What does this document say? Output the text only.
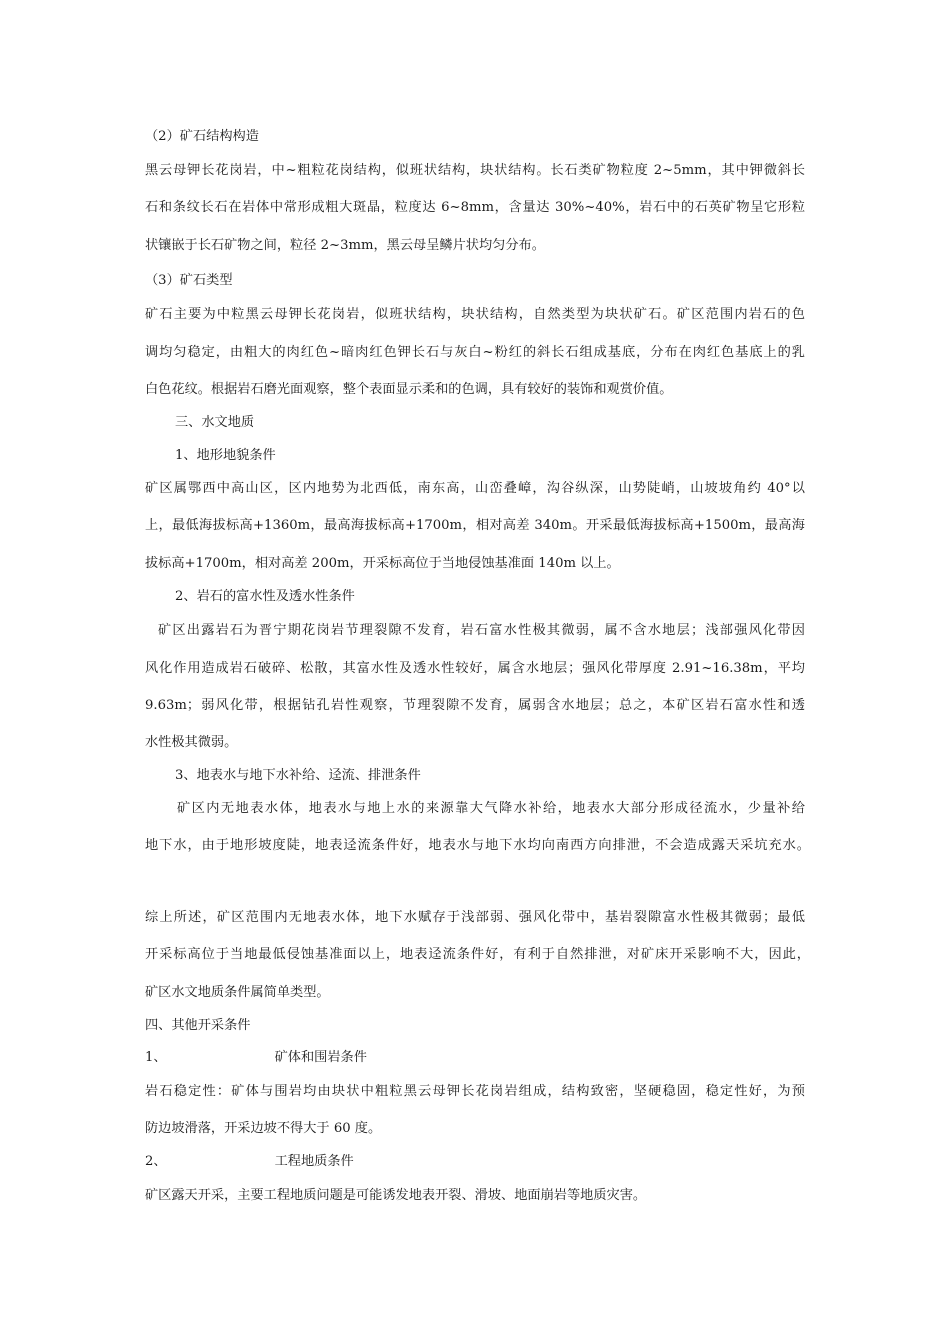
（2）矿石结构构造
黑云母钾长花岗岩，中~粗粒花岗结构，似班状结构，块状结构。长石类矿物粒度 2~5mm，其中钾微斜长
石和条纹长石在岩体中常形成粗大斑晶，粒度达 6~8mm，含量达 30%~40%，岩石中的石英矿物呈它形粒
状镶嵌于长石矿物之间，粒径 2~3mm，黑云母呈鳞片状均匀分布。
（3）矿石类型
矿石主要为中粒黑云母钾长花岗岩，似班状结构，块状结构，自然类型为块状矿石。矿区范围内岩石的色
调均匀稳定，由粗大的肉红色~暗肉红色钾长石与灰白~粉红的斜长石组成基底，分布在肉红色基底上的乳
白色花纹。根据岩石磨光面观察，整个表面显示柔和的色调，具有较好的装饰和观赏价值。
三、水文地质
1、地形地貌条件
矿区属鄂西中高山区，区内地势为北西低，南东高，山峦叠嶂，沟谷纵深，山势陡峭，山坡坡角约 40°以
上，最低海拔标高+1360m，最高海拔标高+1700m，相对高差 340m。开采最低海拔标高+1500m，最高海
拔标高+1700m，相对高差 200m，开采标高位于当地侵蚀基准面 140m 以上。
2、岩石的富水性及透水性条件
矿区出露岩石为晋宁期花岗岩节理裂隙不发育，岩石富水性极其微弱，属不含水地层；浅部强风化带因
风化作用造成岩石破碎、松散，其富水性及透水性较好，属含水地层；强风化带厚度 2.91~16.38m，平均
9.63m；弱风化带，根据钻孔岩性观察，节理裂隙不发育，属弱含水地层；总之，本矿区岩石富水性和透
水性极其微弱。
3、地表水与地下水补给、迳流、排泄条件
矿区内无地表水体，地表水与地上水的来源靠大气降水补给，地表水大部分形成径流水，少量补给
地下水，由于地形坡度陡，地表迳流条件好，地表水与地下水均向南西方向排泄，不会造成露天采坑充水。
综上所述，矿区范围内无地表水体，地下水赋存于浅部弱、强风化带中，基岩裂隙富水性极其微弱；最低
开采标高位于当地最低侵蚀基准面以上，地表迳流条件好，有利于自然排泄，对矿床开采影响不大，因此，
矿区水文地质条件属简单类型。
四、其他开采条件
1、	矿体和围岩条件
岩石稳定性：矿体与围岩均由块状中粗粒黑云母钾长花岗岩组成，结构致密，坚硬稳固，稳定性好，为预
防边坡滑落，开采边坡不得大于 60 度。
2、	工程地质条件
矿区露天开采，主要工程地质问题是可能诱发地表开裂、滑坡、地面崩岩等地质灾害。
